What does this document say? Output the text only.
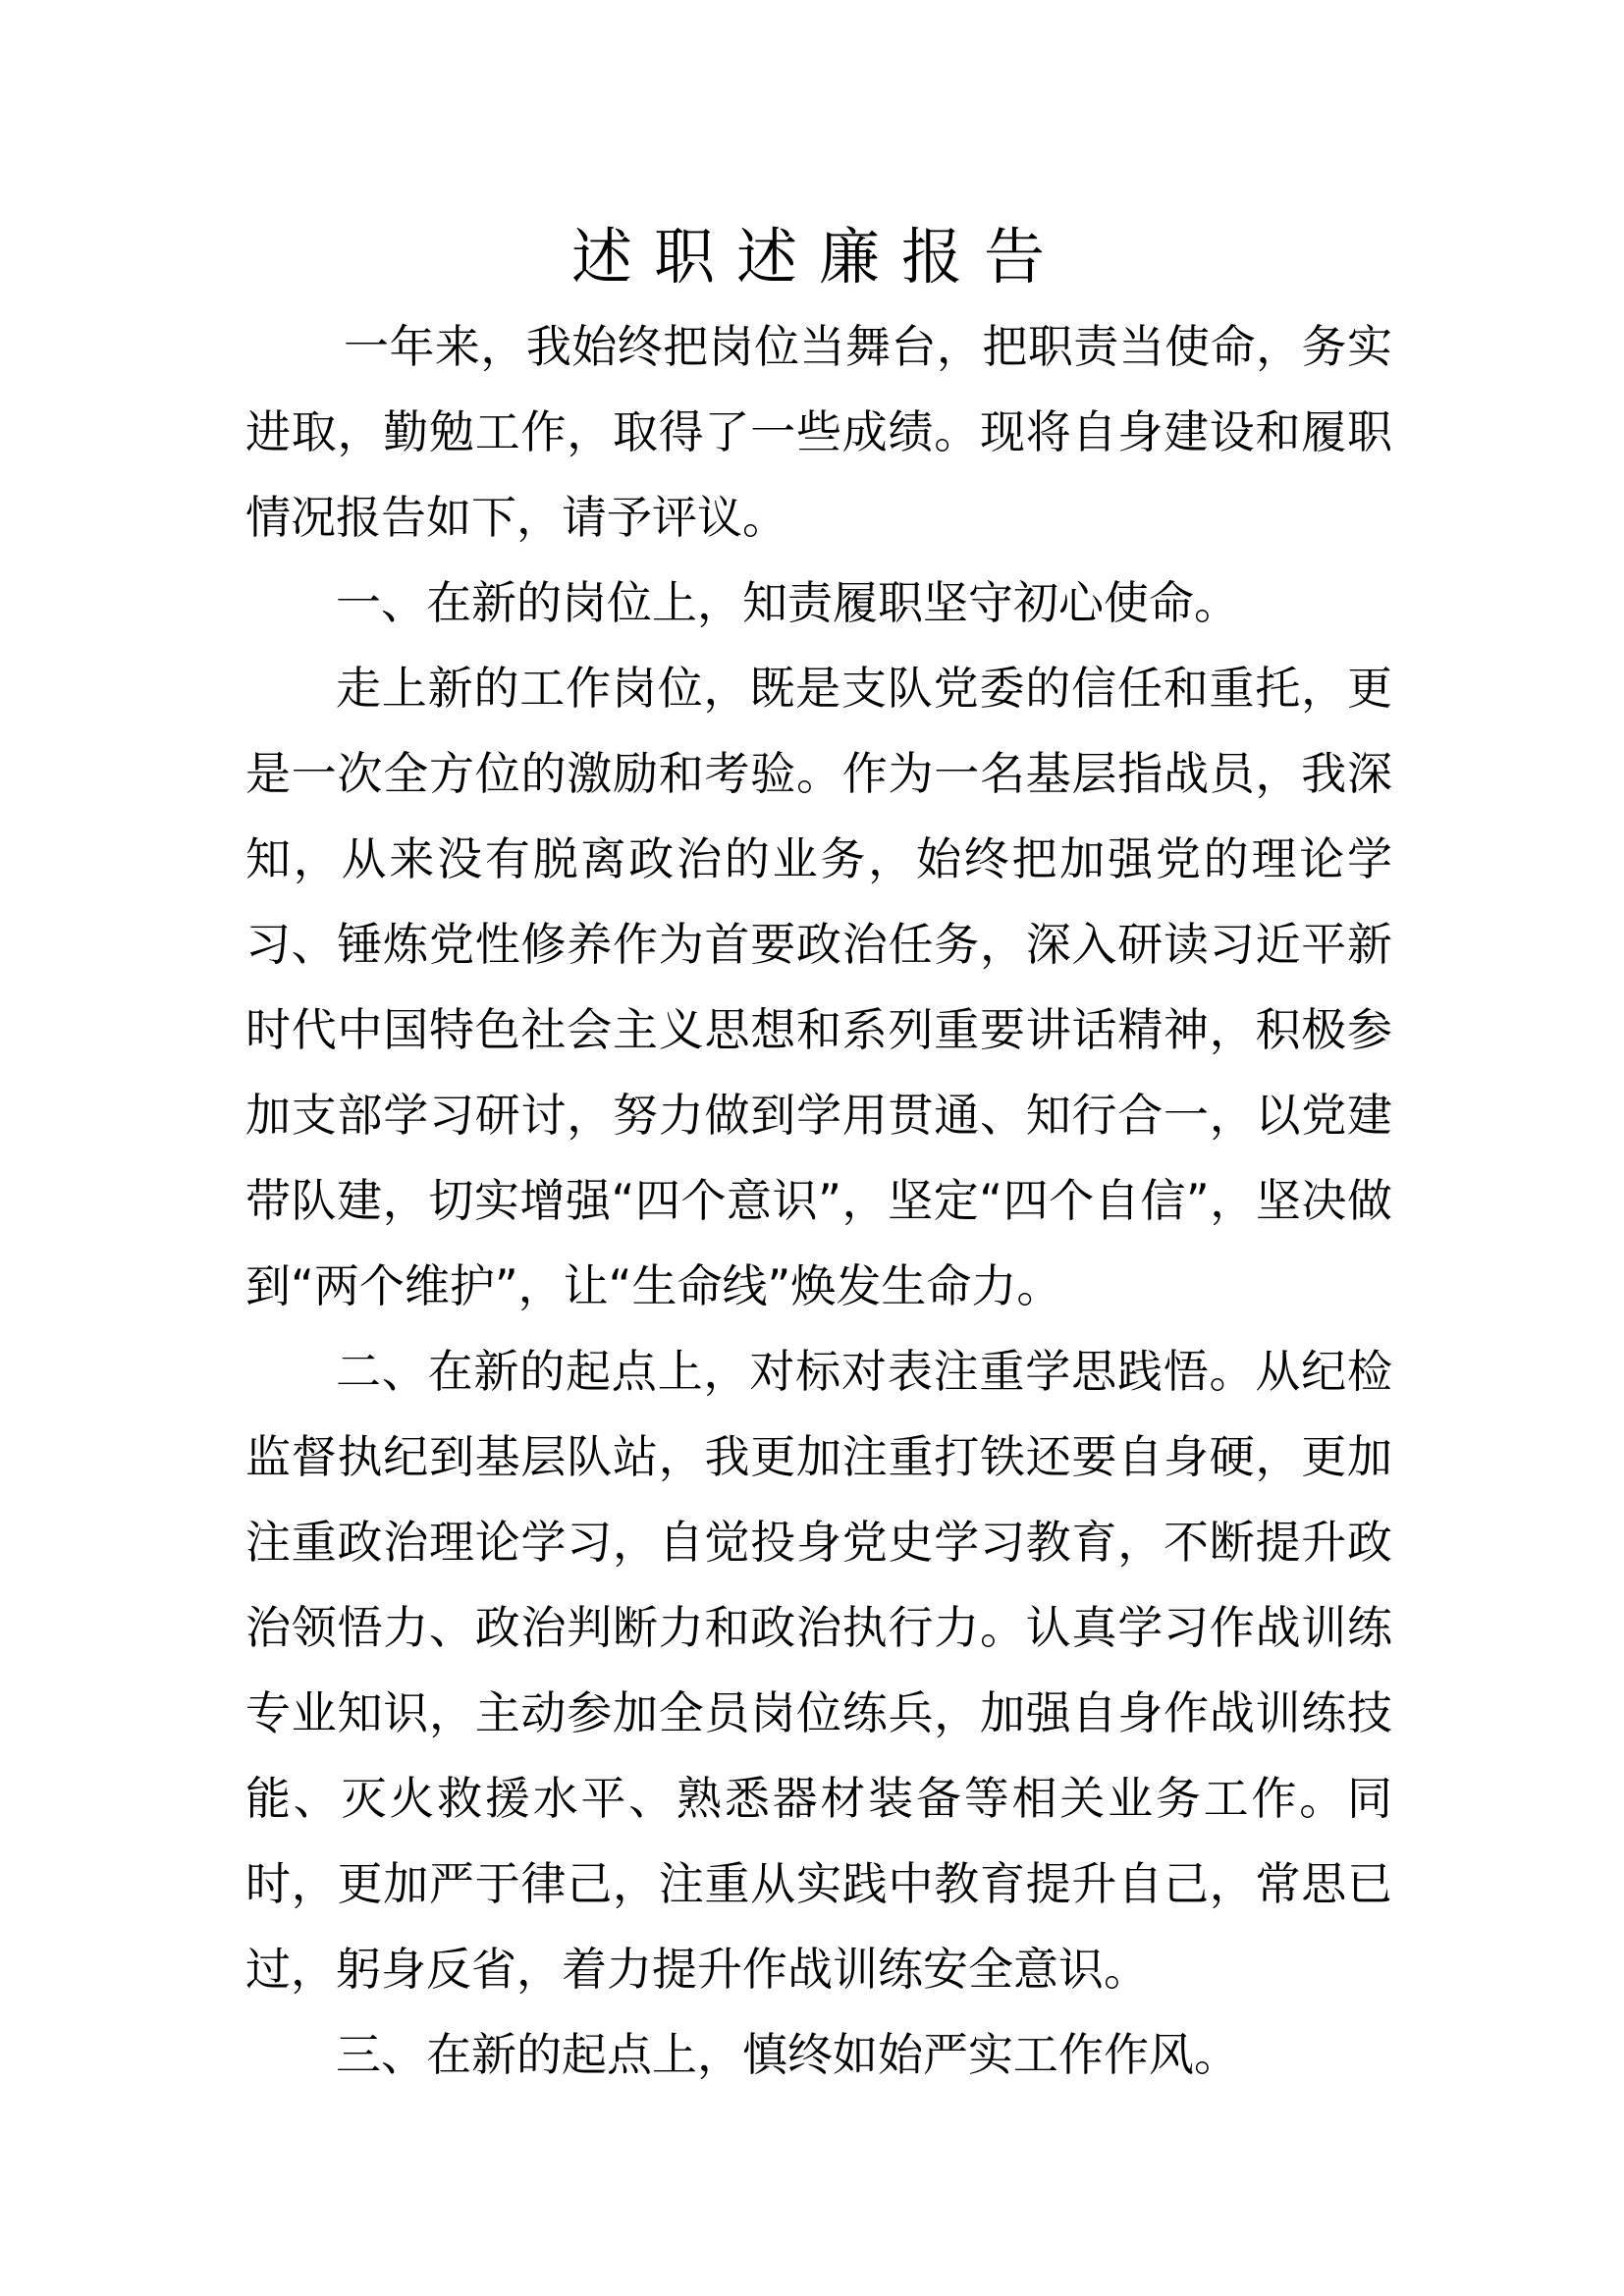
述职述廉报告

一年来，我始终把岗位当舞台，把职责当使命，务实进取，勤勉工作，取得了一些成绩。现将自身建设和履职情况报告如下，请予评议。

一、在新的岗位上，知责履职坚守初心使命。

走上新的工作岗位，既是支队党委的信任和重托，更是一次全方位的激励和考验。作为一名基层指战员，我深知，从来没有脱离政治的业务，始终把加强党的理论学习、锤炼党性修养作为首要政治任务，深入研读习近平新时代中国特色社会主义思想和系列重要讲话精神，积极参加支部学习研讨，努力做到学用贯通、知行合一，以党建带队建，切实增强“四个意识”，坚定“四个自信”，坚决做到“两个维护”，让“生命线”焕发生命力。

二、在新的起点上，对标对表注重学思践悟。从纪检监督执纪到基层队站，我更加注重打铁还要自身硬，更加注重政治理论学习，自觉投身党史学习教育，不断提升政治领悟力、政治判断力和政治执行力。认真学习作战训练专业知识，主动参加全员岗位练兵，加强自身作战训练技能、灭火救援水平、熟悉器材装备等相关业务工作。同时，更加严于律己，注重从实践中教育提升自己，常思已过，躬身反省，着力提升作战训练安全意识。

三、在新的起点上，慎终如始严实工作作风。
